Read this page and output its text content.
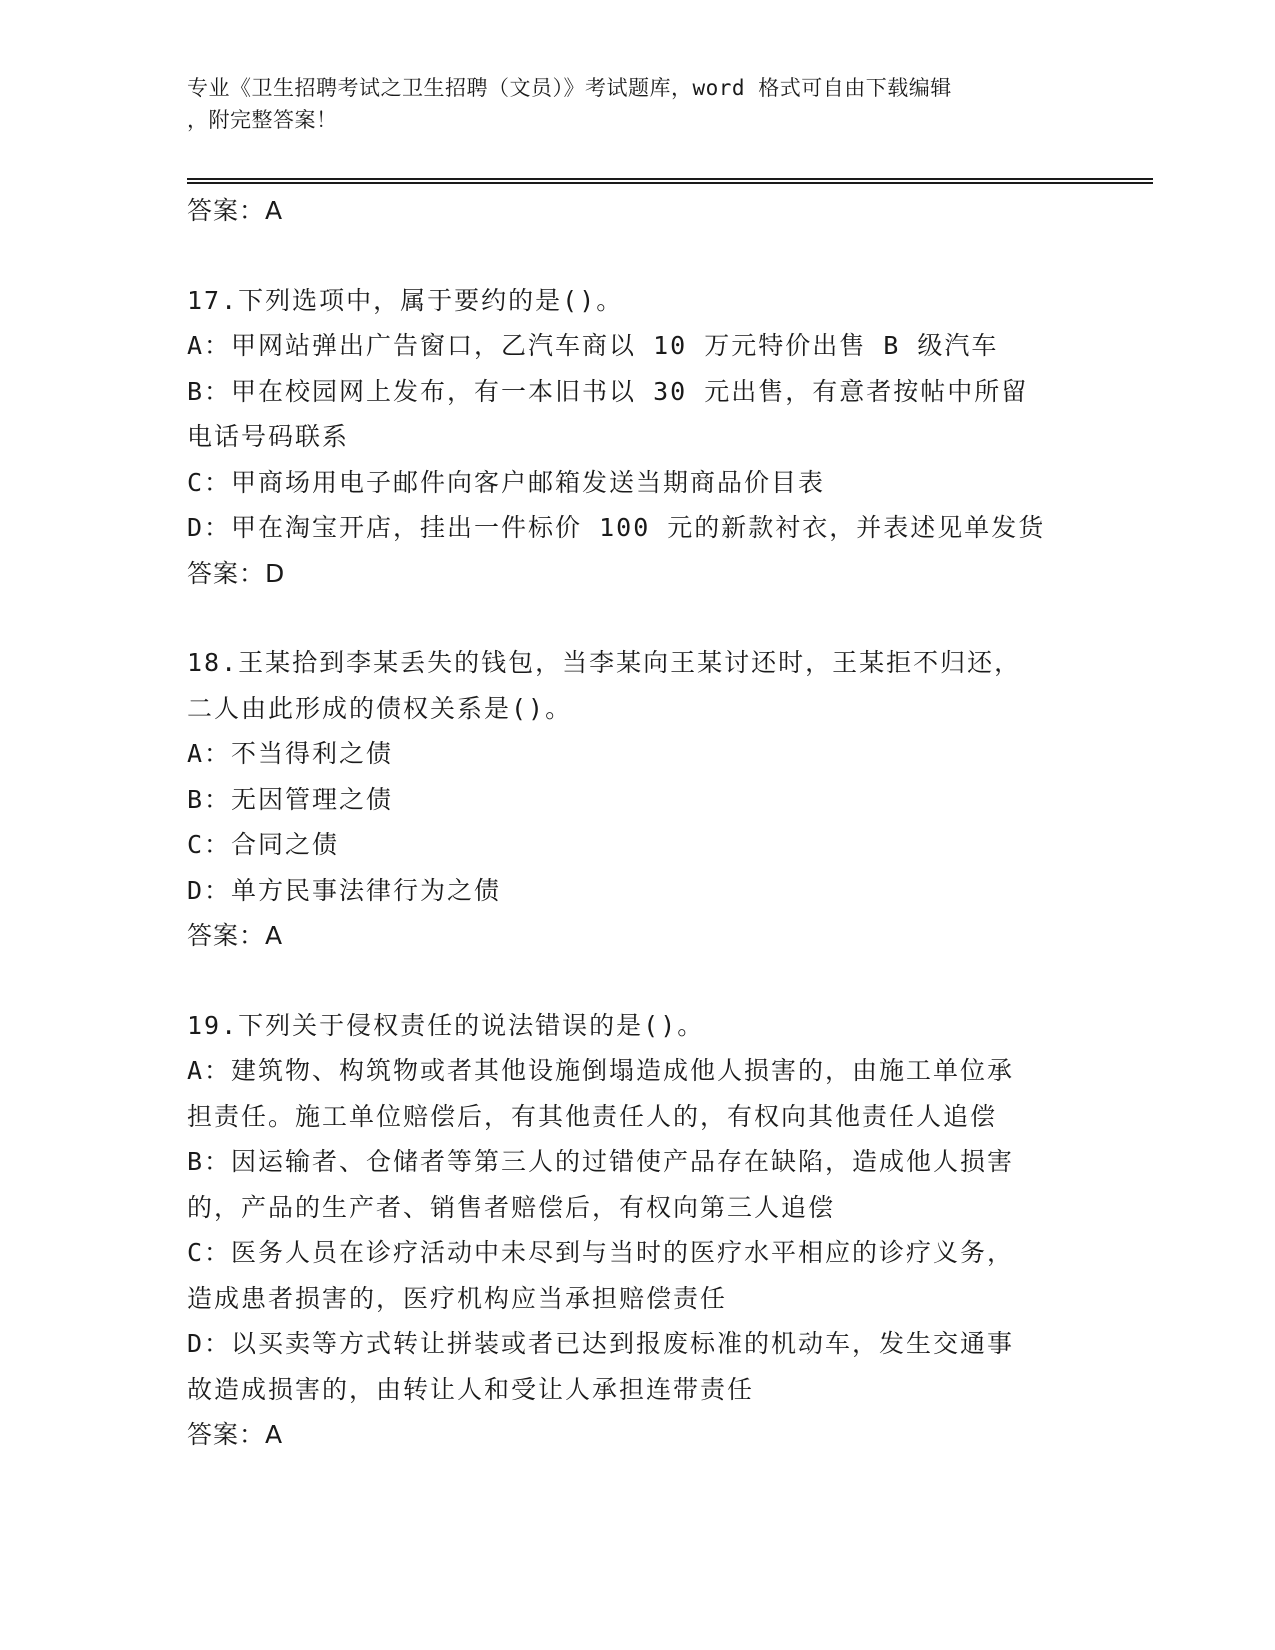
专业《卫生招聘考试之卫生招聘（文员）》考试题库，word 格式可自由下载编辑
，附完整答案！
答案：A
17.下列选项中，属于要约的是()。
A：甲网站弹出广告窗口，乙汽车商以 10 万元特价出售 B 级汽车
B：甲在校园网上发布，有一本旧书以 30 元出售，有意者按帖中所留
电话号码联系
C：甲商场用电子邮件向客户邮箱发送当期商品价目表
D：甲在淘宝开店，挂出一件标价 100 元的新款衬衣，并表述见单发货
答案：D
18.王某拾到李某丢失的钱包，当李某向王某讨还时，王某拒不归还，
二人由此形成的债权关系是()。
A：不当得利之债
B：无因管理之债
C：合同之债
D：单方民事法律行为之债
答案：A
19.下列关于侵权责任的说法错误的是()。
A：建筑物、构筑物或者其他设施倒塌造成他人损害的，由施工单位承
担责任。施工单位赔偿后，有其他责任人的，有权向其他责任人追偿
B：因运输者、仓储者等第三人的过错使产品存在缺陷，造成他人损害
的，产品的生产者、销售者赔偿后，有权向第三人追偿
C：医务人员在诊疗活动中未尽到与当时的医疗水平相应的诊疗义务，
造成患者损害的，医疗机构应当承担赔偿责任
D：以买卖等方式转让拼装或者已达到报废标准的机动车，发生交通事
故造成损害的，由转让人和受让人承担连带责任
答案：A
